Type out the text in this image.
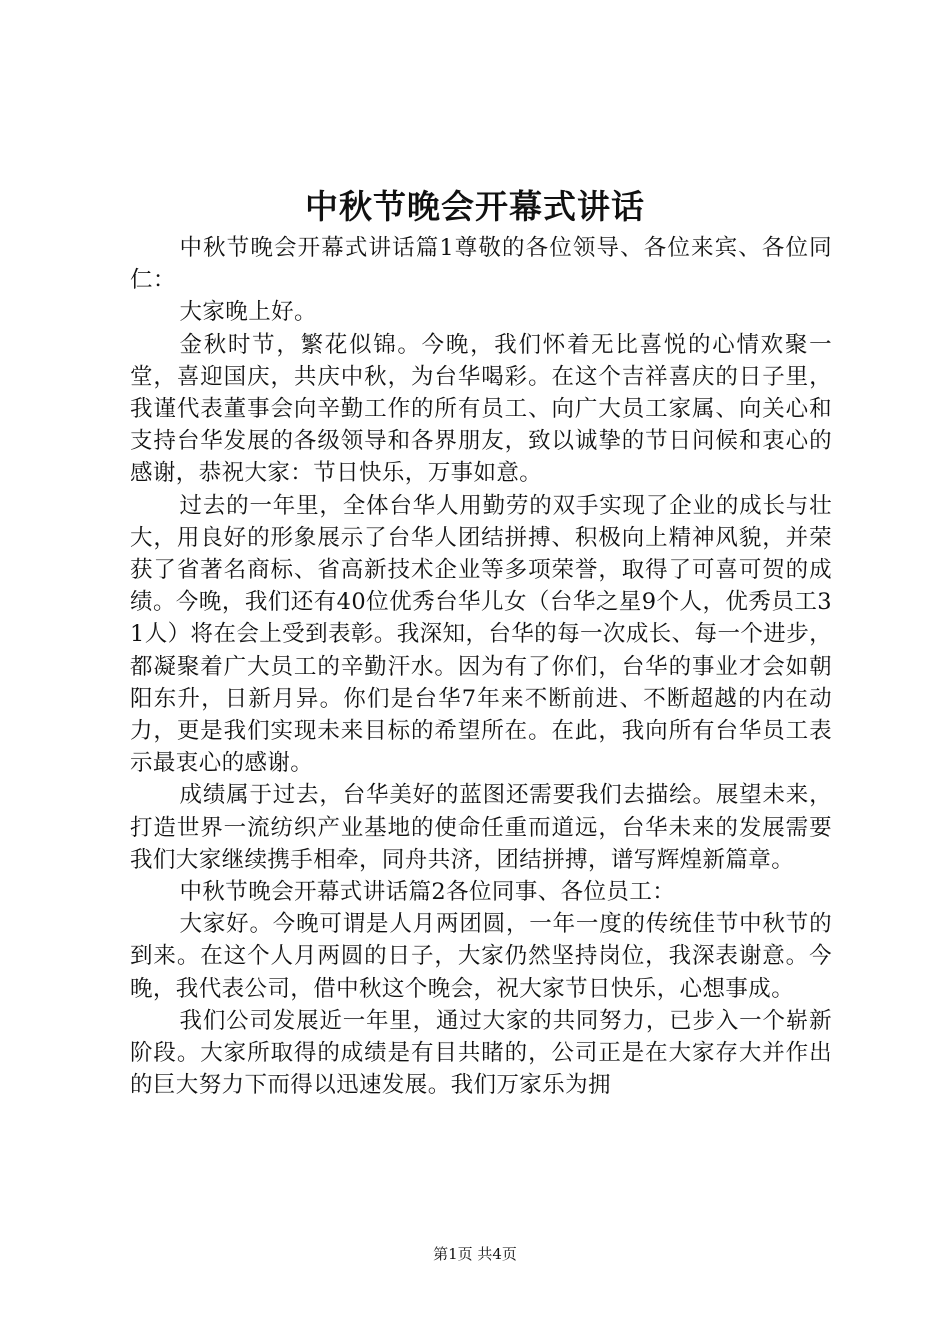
中秋节晚会开幕式讲话

中秋节晚会开幕式讲话篇1尊敬的各位领导、各位来宾、各位同仁：

大家晚上好。

金秋时节，繁花似锦。今晚，我们怀着无比喜悦的心情欢聚一堂，喜迎国庆，共庆中秋，为台华喝彩。在这个吉祥喜庆的日子里，我谨代表董事会向辛勤工作的所有员工、向广大员工家属、向关心和支持台华发展的各级领导和各界朋友，致以诚挚的节日问候和衷心的感谢，恭祝大家：节日快乐，万事如意。

过去的一年里，全体台华人用勤劳的双手实现了企业的成长与壮大，用良好的形象展示了台华人团结拼搏、积极向上精神风貌，并荣获了省著名商标、省高新技术企业等多项荣誉，取得了可喜可贺的成绩。今晚，我们还有40位优秀台华儿女（台华之星9个人，优秀员工31人）将在会上受到表彰。我深知，台华的每一次成长、每一个进步，都凝聚着广大员工的辛勤汗水。因为有了你们，台华的事业才会如朝阳东升，日新月异。你们是台华7年来不断前进、不断超越的内在动力，更是我们实现未来目标的希望所在。在此，我向所有台华员工表示最衷心的感谢。

成绩属于过去，台华美好的蓝图还需要我们去描绘。展望未来，打造世界一流纺织产业基地的使命任重而道远，台华未来的发展需要我们大家继续携手相牵，同舟共济，团结拼搏，谱写辉煌新篇章。

中秋节晚会开幕式讲话篇2各位同事、各位员工：

大家好。今晚可谓是人月两团圆，一年一度的传统佳节中秋节的到来。在这个人月两圆的日子，大家仍然坚持岗位，我深表谢意。今晚，我代表公司，借中秋这个晚会，祝大家节日快乐，心想事成。

我们公司发展近一年里，通过大家的共同努力，已步入一个崭新阶段。大家所取得的成绩是有目共睹的，公司正是在大家存大并作出的巨大努力下而得以迅速发展。我们万家乐为拥

第1页 共4页
